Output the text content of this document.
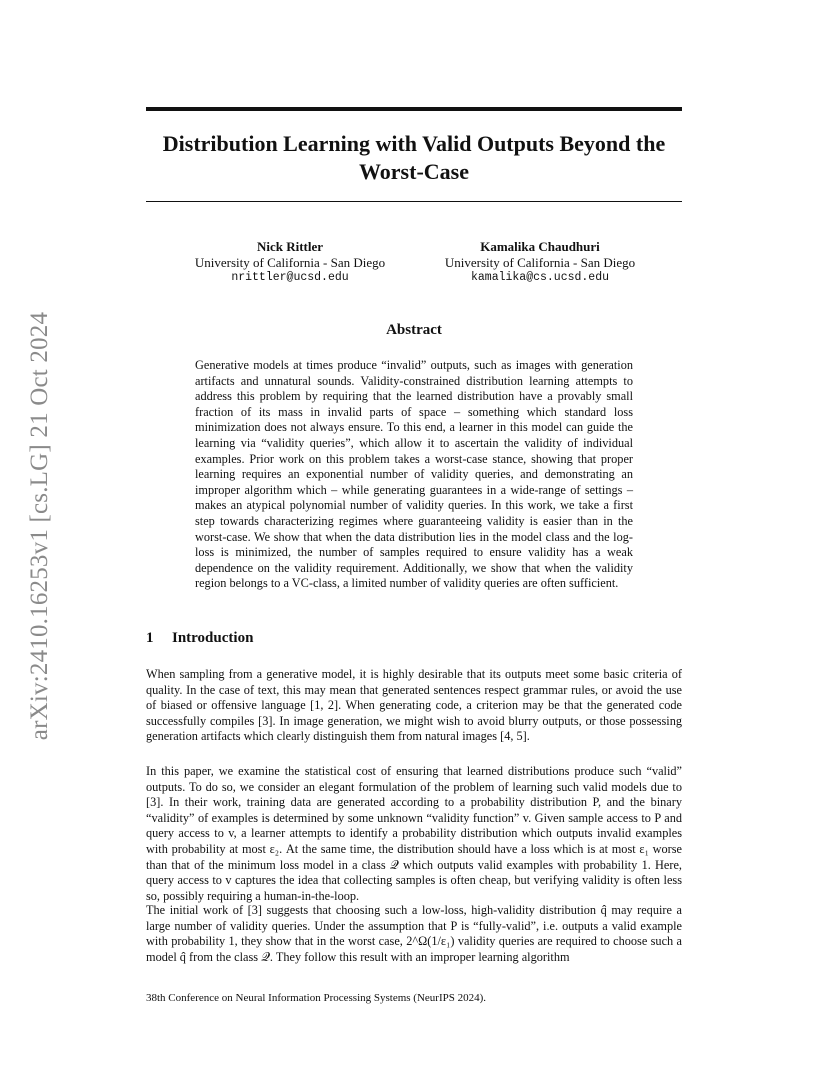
arXiv:2410.16253v1 [cs.LG] 21 Oct 2024
Distribution Learning with Valid Outputs Beyond the Worst-Case
Nick Rittler
University of California - San Diego
nrittler@ucsd.edu
Kamalika Chaudhuri
University of California - San Diego
kamalika@cs.ucsd.edu
Abstract
Generative models at times produce “invalid” outputs, such as images with generation artifacts and unnatural sounds. Validity-constrained distribution learning attempts to address this problem by requiring that the learned distribution have a provably small fraction of its mass in invalid parts of space – something which standard loss minimization does not always ensure. To this end, a learner in this model can guide the learning via “validity queries”, which allow it to ascertain the validity of individual examples. Prior work on this problem takes a worst-case stance, showing that proper learning requires an exponential number of validity queries, and demonstrating an improper algorithm which – while generating guarantees in a wide-range of settings – makes an atypical polynomial number of validity queries. In this work, we take a first step towards characterizing regimes where guaranteeing validity is easier than in the worst-case. We show that when the data distribution lies in the model class and the log-loss is minimized, the number of samples required to ensure validity has a weak dependence on the validity requirement. Additionally, we show that when the validity region belongs to a VC-class, a limited number of validity queries are often sufficient.
1 Introduction
When sampling from a generative model, it is highly desirable that its outputs meet some basic criteria of quality. In the case of text, this may mean that generated sentences respect grammar rules, or avoid the use of biased or offensive language [1, 2]. When generating code, a criterion may be that the generated code successfully compiles [3]. In image generation, we might wish to avoid blurry outputs, or those possessing generation artifacts which clearly distinguish them from natural images [4, 5].
In this paper, we examine the statistical cost of ensuring that learned distributions produce such “valid” outputs. To do so, we consider an elegant formulation of the problem of learning such valid models due to [3]. In their work, training data are generated according to a probability distribution P, and the binary “validity” of examples is determined by some unknown “validity function” v. Given sample access to P and query access to v, a learner attempts to identify a probability distribution which outputs invalid examples with probability at most ε₂. At the same time, the distribution should have a loss which is at most ε₁ worse than that of the minimum loss model in a class 𝒬 which outputs valid examples with probability 1. Here, query access to v captures the idea that collecting samples is often cheap, but verifying validity is often less so, possibly requiring a human-in-the-loop.
The initial work of [3] suggests that choosing such a low-loss, high-validity distribution q̂ may require a large number of validity queries. Under the assumption that P is “fully-valid”, i.e. outputs a valid example with probability 1, they show that in the worst case, 2^Ω(1/ε₁) validity queries are required to choose such a model q̂ from the class 𝒬. They follow this result with an improper learning algorithm
38th Conference on Neural Information Processing Systems (NeurIPS 2024).
